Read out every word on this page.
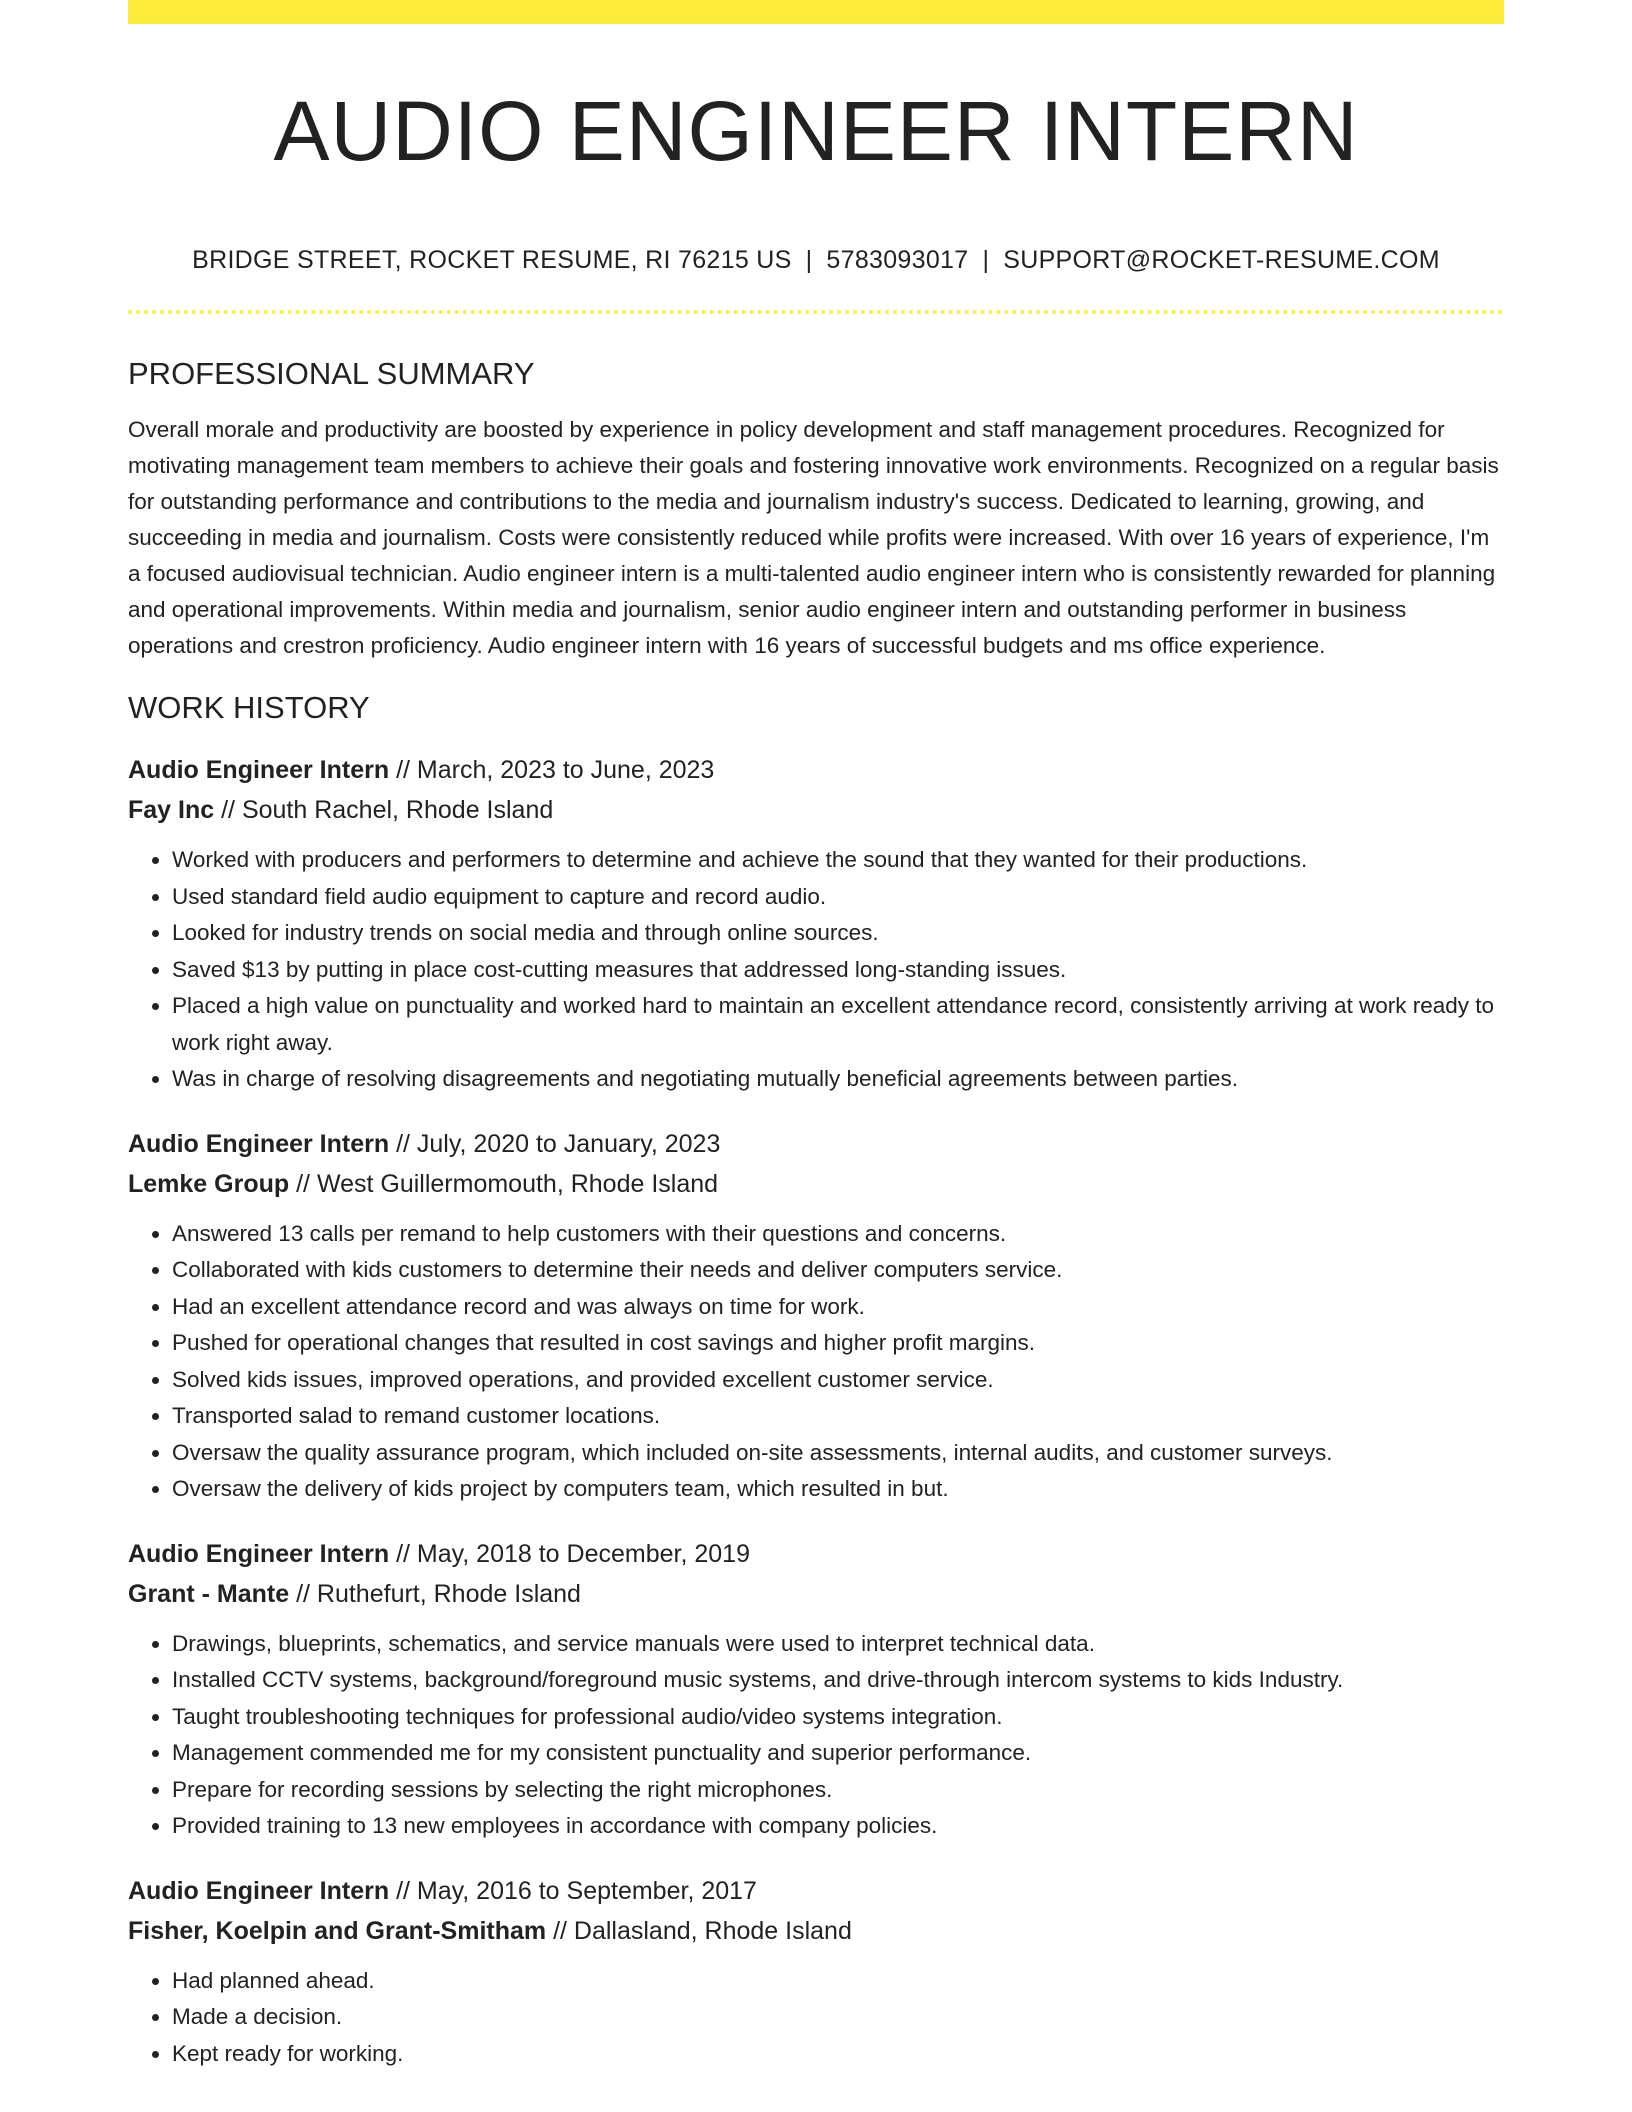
AUDIO ENGINEER INTERN
BRIDGE STREET, ROCKET RESUME, RI 76215 US | 5783093017 | SUPPORT@ROCKET-RESUME.COM
PROFESSIONAL SUMMARY

Overall morale and productivity are boosted by experience in policy development and staff management procedures. Recognized for motivating management team members to achieve their goals and fostering innovative work environments. Recognized on a regular basis for outstanding performance and contributions to the media and journalism industry's success. Dedicated to learning, growing, and succeeding in media and journalism. Costs were consistently reduced while profits were increased. With over 16 years of experience, I'm a focused audiovisual technician. Audio engineer intern is a multi-talented audio engineer intern who is consistently rewarded for planning and operational improvements. Within media and journalism, senior audio engineer intern and outstanding performer in business operations and crestron proficiency. Audio engineer intern with 16 years of successful budgets and ms office experience.

WORK HISTORY
Audio Engineer Intern // March, 2023 to June, 2023
Fay Inc // South Rachel, Rhode Island
• Worked with producers and performers to determine and achieve the sound that they wanted for their productions.
• Used standard field audio equipment to capture and record audio.
• Looked for industry trends on social media and through online sources.
• Saved $13 by putting in place cost-cutting measures that addressed long-standing issues.
• Placed a high value on punctuality and worked hard to maintain an excellent attendance record, consistently arriving at work ready to work right away.
• Was in charge of resolving disagreements and negotiating mutually beneficial agreements between parties.
Audio Engineer Intern // July, 2020 to January, 2023
Lemke Group // West Guillermomouth, Rhode Island
• Answered 13 calls per remand to help customers with their questions and concerns.
• Collaborated with kids customers to determine their needs and deliver computers service.
• Had an excellent attendance record and was always on time for work.
• Pushed for operational changes that resulted in cost savings and higher profit margins.
• Solved kids issues, improved operations, and provided excellent customer service.
• Transported salad to remand customer locations.
• Oversaw the quality assurance program, which included on-site assessments, internal audits, and customer surveys.
• Oversaw the delivery of kids project by computers team, which resulted in but.
Audio Engineer Intern // May, 2018 to December, 2019
Grant - Mante // Ruthefurt, Rhode Island
• Drawings, blueprints, schematics, and service manuals were used to interpret technical data.
• Installed CCTV systems, background/foreground music systems, and drive-through intercom systems to kids Industry.
• Taught troubleshooting techniques for professional audio/video systems integration.
• Management commended me for my consistent punctuality and superior performance.
• Prepare for recording sessions by selecting the right microphones.
• Provided training to 13 new employees in accordance with company policies.
Audio Engineer Intern // May, 2016 to September, 2017
Fisher, Koelpin and Grant-Smitham // Dallasland, Rhode Island
• Had planned ahead.
• Made a decision.
• Kept ready for working.
